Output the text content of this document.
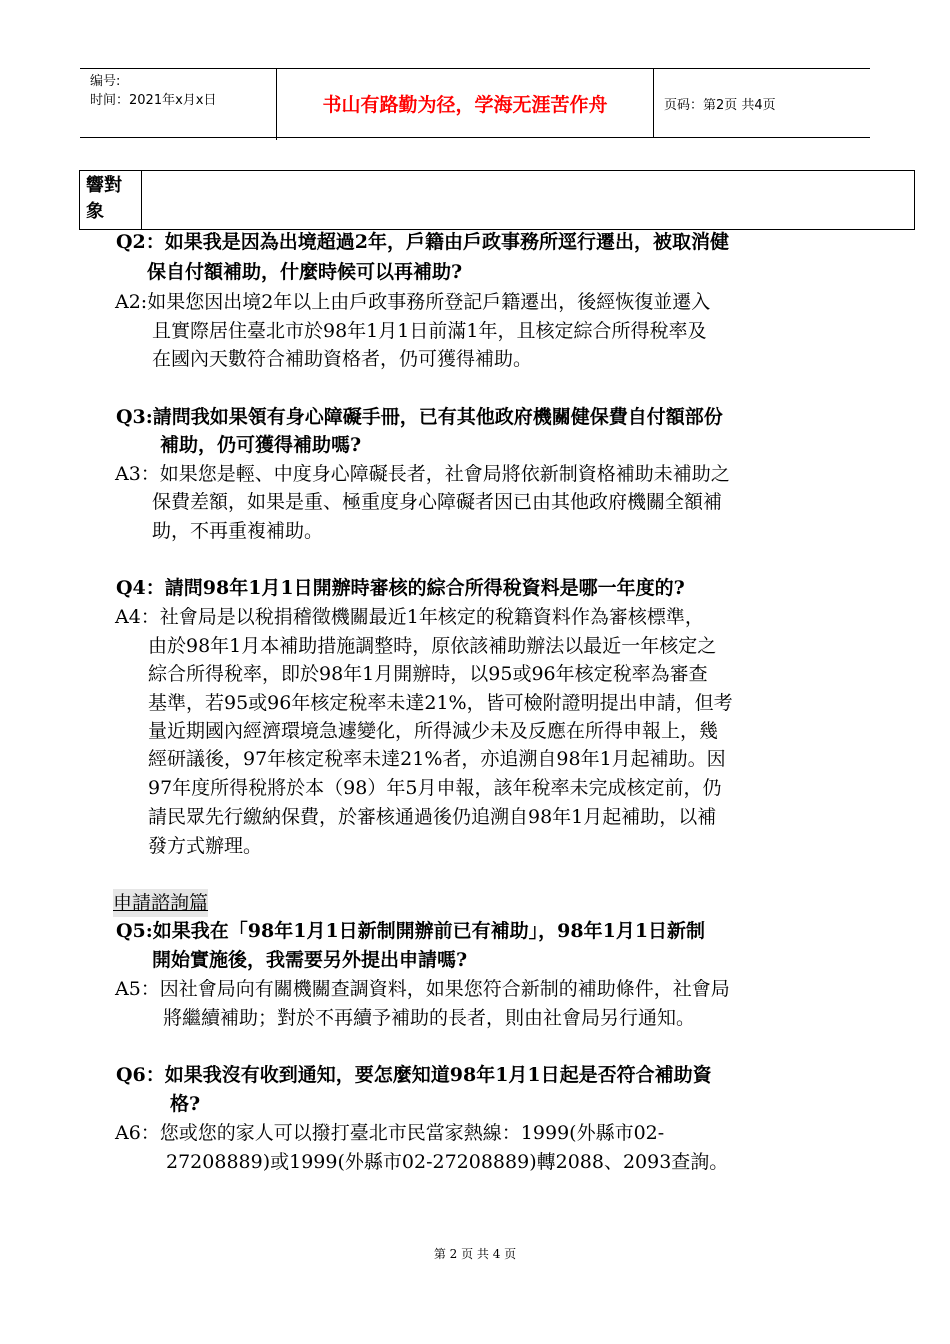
编号:
时间：2021年x月x日	书山有路勤为径，学海无涯苦作舟	页码：第2页 共4页
響對
象
Q2：如果我是因為出境超過2年，戶籍由戶政事務所逕行遷出，被取消健
保自付額補助，什麼時候可以再補助?
A2:如果您因出境2年以上由戶政事務所登記戶籍遷出，後經恢復並遷入
且實際居住臺北市於98年1月1日前滿1年，且核定綜合所得稅率及
在國內天數符合補助資格者，仍可獲得補助。
Q3:請問我如果領有身心障礙手冊，已有其他政府機關健保費自付額部份
補助，仍可獲得補助嗎?
A3：如果您是輕、中度身心障礙長者，社會局將依新制資格補助未補助之
保費差額，如果是重、極重度身心障礙者因已由其他政府機關全額補
助，不再重複補助。
Q4：請問98年1月1日開辦時審核的綜合所得稅資料是哪一年度的?
A4：社會局是以稅捐稽徵機關最近1年核定的稅籍資料作為審核標準，
由於98年1月本補助措施調整時，原依該補助辦法以最近一年核定之
綜合所得稅率，即於98年1月開辦時，以95或96年核定稅率為審查
基準，若95或96年核定稅率未達21%，皆可檢附證明提出申請，但考
量近期國內經濟環境急遽變化，所得減少未及反應在所得申報上，幾
經研議後，97年核定稅率未達21%者，亦追溯自98年1月起補助。因
97年度所得稅將於本（98）年5月申報，該年稅率未完成核定前，仍
請民眾先行繳納保費，於審核通過後仍追溯自98年1月起補助，以補
發方式辦理。
申請諮詢篇
Q5:如果我在「98年1月1日新制開辦前已有補助」，98年1月1日新制
開始實施後，我需要另外提出申請嗎?
A5：因社會局向有關機關查調資料，如果您符合新制的補助條件，社會局
將繼續補助；對於不再續予補助的長者，則由社會局另行通知。
Q6：如果我沒有收到通知，要怎麼知道98年1月1日起是否符合補助資
格?
A6：您或您的家人可以撥打臺北市民當家熱線：1999(外縣市02-
27208889)或1999(外縣市02-27208889)轉2088、2093查詢。
第 2 页 共 4 页
